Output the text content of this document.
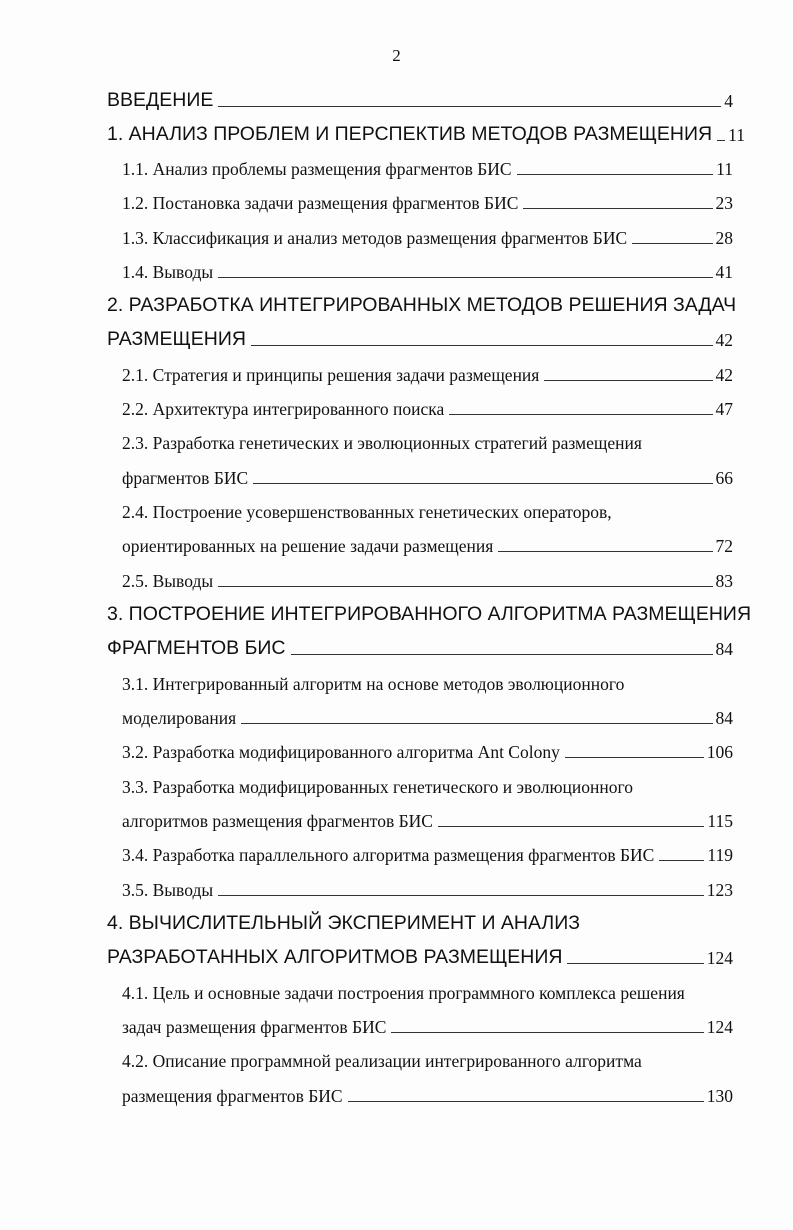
2
ВВЕДЕНИЕ	4
1. АНАЛИЗ ПРОБЛЕМ И ПЕРСПЕКТИВ МЕТОДОВ РАЗМЕЩЕНИЯ 11
1.1. Анализ проблемы размещения фрагментов БИС	11
1.2. Постановка задачи размещения фрагментов БИС	23
1.3. Классификация и анализ методов размещения фрагментов БИС	28
1.4. Выводы	41
2. РАЗРАБОТКА ИНТЕГРИРОВАННЫХ МЕТОДОВ РЕШЕНИЯ ЗАДАЧ
РАЗМЕЩЕНИЯ	42
2.1. Стратегия и принципы решения задачи размещения	42
2.2. Архитектура интегрированного поиска	47
2.3. Разработка генетических и эволюционных стратегий размещения
фрагментов БИС	66
2.4. Построение усовершенствованных генетических операторов,
ориентированных на решение задачи размещения	72
2.5. Выводы	83
3. ПОСТРОЕНИЕ ИНТЕГРИРОВАННОГО АЛГОРИТМА РАЗМЕЩЕНИЯ
ФРАГМЕНТОВ БИС	84
3.1. Интегрированный алгоритм на основе методов эволюционного
моделирования	84
3.2. Разработка модифицированного алгоритма Ant Colony	106
3.3. Разработка модифицированных генетического и эволюционного
алгоритмов размещения фрагментов БИС	115
3.4. Разработка параллельного алгоритма размещения фрагментов БИС	119
3.5. Выводы	123
4. ВЫЧИСЛИТЕЛЬНЫЙ ЭКСПЕРИМЕНТ И АНАЛИЗ
РАЗРАБОТАННЫХ АЛГОРИТМОВ РАЗМЕЩЕНИЯ	124
4.1. Цель и основные задачи построения программного комплекса решения
задач размещения фрагментов БИС	124
4.2. Описание программной реализации интегрированного алгоритма
размещения фрагментов БИС	130
